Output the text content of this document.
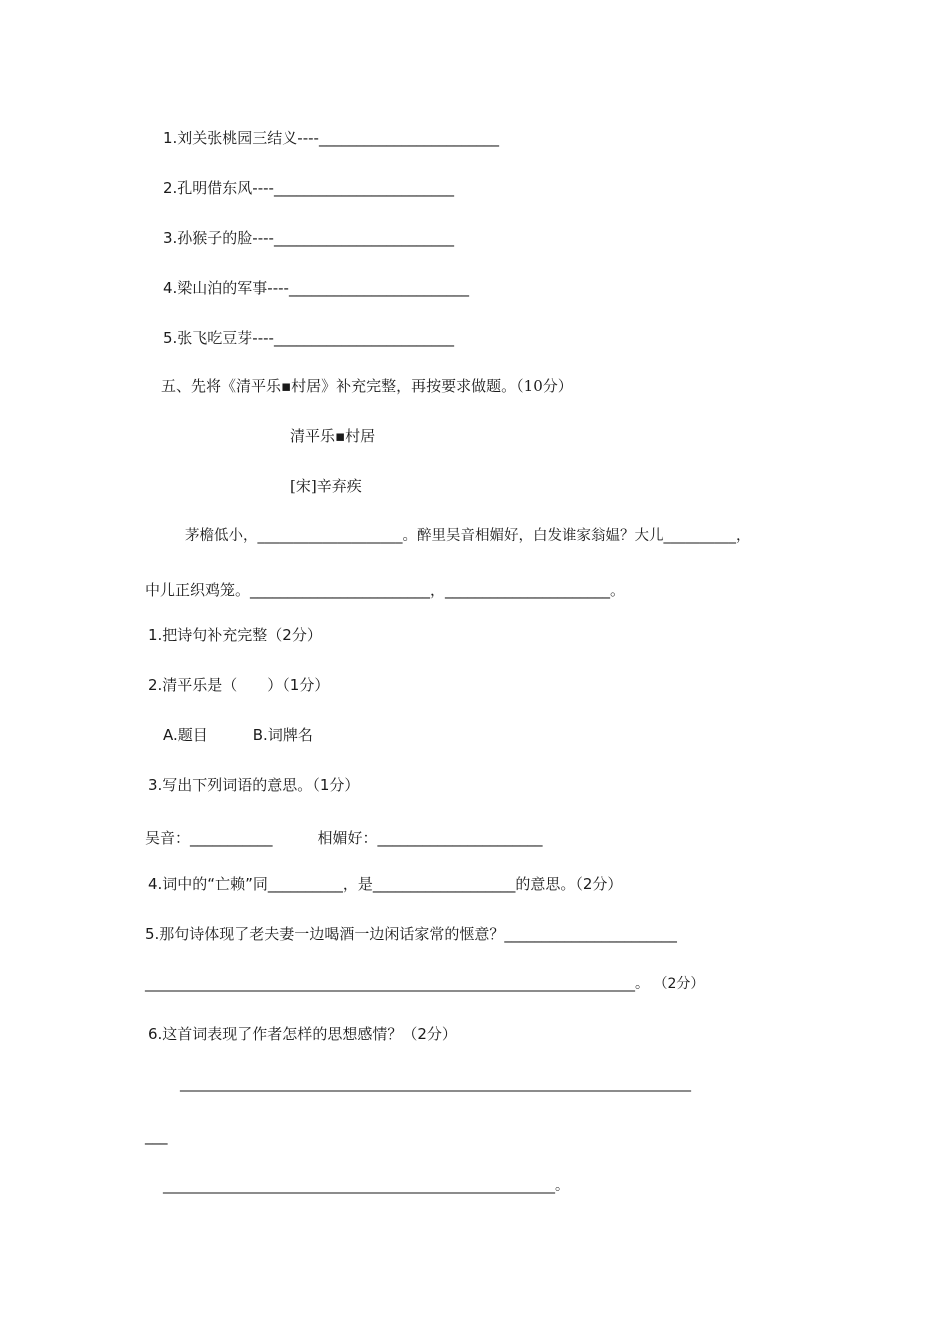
1.刘关张桃园三结义----________________________
2.孔明借东风----________________________
3.孙猴子的脸----________________________
4.梁山泊的军事----________________________
5.张飞吃豆芽----________________________
五、先将《清平乐▪村居》补充完整，再按要求做题。（10分）
清平乐▪村居
[宋]辛弃疾
茅檐低小，____________________。醉里吴音相媚好，白发谁家翁媪？大儿__________，
中儿正织鸡笼。________________________，______________________。
1.把诗句补充完整（2分）
2.清平乐是（　　）（1分）
A.题目　　　B.词牌名
3.写出下列词语的意思。（1分）
吴音：___________　　　相媚好：______________________
4.词中的“亡赖”同__________，是___________________的意思。（2分）
5.那句诗体现了老夫妻一边喝酒一边闲话家常的惬意？_______________________
______________________________________________________________________。 （2分）
6.这首词表现了作者怎样的思想感情？（2分）
_________________________________________________________________________
___
________________________________________________________。
